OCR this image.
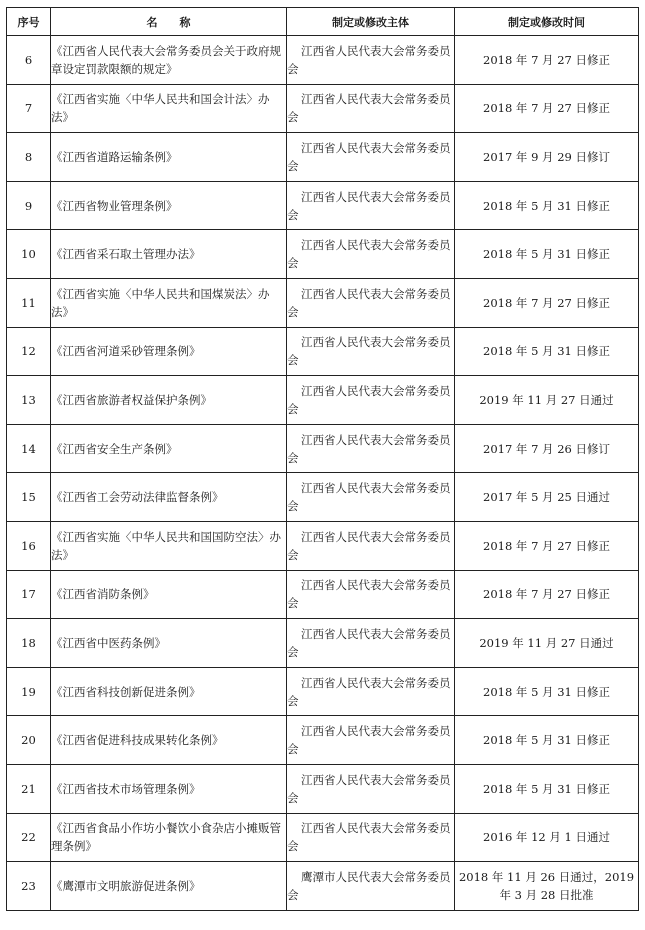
序号	名　　称	制定或修改主体	制定或修改时间
6	《江西省人民代表大会常务委员会关于政府规章设定罚款限额的规定》	江西省人民代表大会常务委员会	2018 年 7 月 27 日修正
7	《江西省实施〈中华人民共和国会计法〉办法》	江西省人民代表大会常务委员会	2018 年 7 月 27 日修正
8	《江西省道路运输条例》	江西省人民代表大会常务委员会	2017 年 9 月 29 日修订
9	《江西省物业管理条例》	江西省人民代表大会常务委员会	2018 年 5 月 31 日修正
10	《江西省采石取土管理办法》	江西省人民代表大会常务委员会	2018 年 5 月 31 日修正
11	《江西省实施〈中华人民共和国煤炭法〉办法》	江西省人民代表大会常务委员会	2018 年 7 月 27 日修正
12	《江西省河道采砂管理条例》	江西省人民代表大会常务委员会	2018 年 5 月 31 日修正
13	《江西省旅游者权益保护条例》	江西省人民代表大会常务委员会	2019 年 11 月 27 日通过
14	《江西省安全生产条例》	江西省人民代表大会常务委员会	2017 年 7 月 26 日修订
15	《江西省工会劳动法律监督条例》	江西省人民代表大会常务委员会	2017 年 5 月 25 日通过
16	《江西省实施〈中华人民共和国国防空法〉办法》	江西省人民代表大会常务委员会	2018 年 7 月 27 日修正
17	《江西省消防条例》	江西省人民代表大会常务委员会	2018 年 7 月 27 日修正
18	《江西省中医药条例》	江西省人民代表大会常务委员会	2019 年 11 月 27 日通过
19	《江西省科技创新促进条例》	江西省人民代表大会常务委员会	2018 年 5 月 31 日修正
20	《江西省促进科技成果转化条例》	江西省人民代表大会常务委员会	2018 年 5 月 31 日修正
21	《江西省技术市场管理条例》	江西省人民代表大会常务委员会	2018 年 5 月 31 日修正
22	《江西省食品小作坊小餐饮小食杂店小摊贩管理条例》	江西省人民代表大会常务委员会	2016 年 12 月 1 日通过
23	《鹰潭市文明旅游促进条例》	鹰潭市人民代表大会常务委员会	2018 年 11 月 26 日通过，2019 年 3 月 28 日批准
